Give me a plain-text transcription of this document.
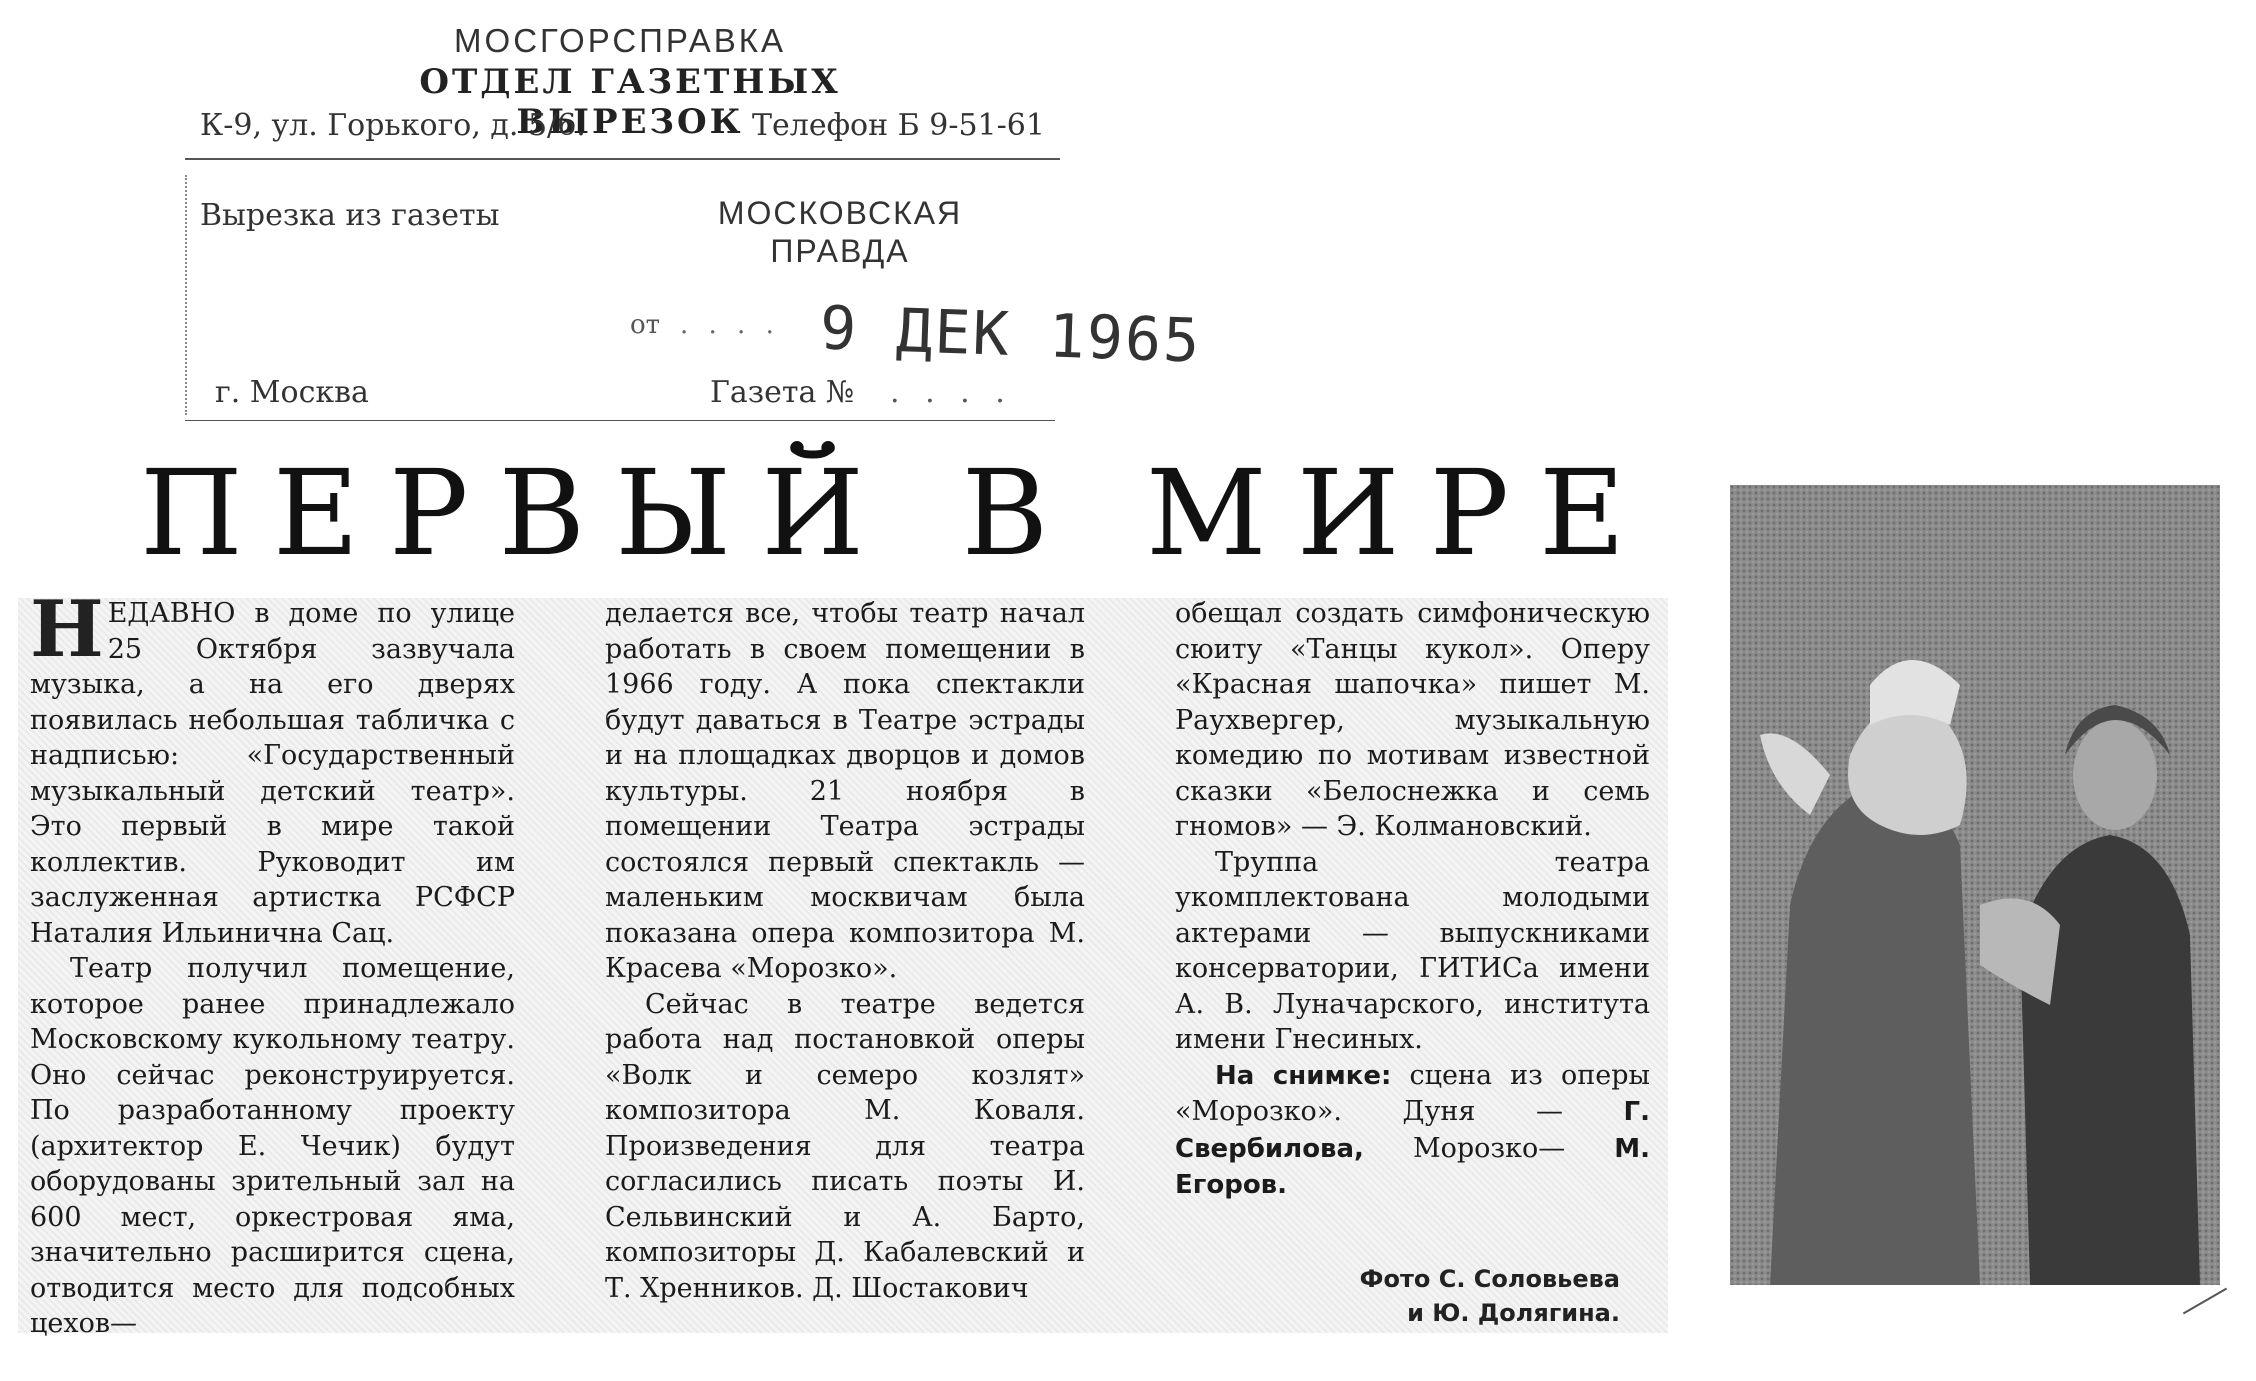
МОСГОРСПРАВКА
ОТДЕЛ ГАЗЕТНЫХ ВЫРЕЗОК
К-9, ул. Горького, д. 5/6.	Телефон Б 9-51-61
Вырезка из газеты	МОСКОВСКАЯ
ПРАВДА
от . . . . 9 ДЕК 1965
г. Москва	Газета № . . . .
ПЕРВЫЙ В МИРЕ

НЕДАВНО в доме по улице 25 Октября зазвучала музыка, а на его дверях появилась небольшая табличка с надписью: «Государственный музыкальный детский театр». Это первый в мире такой коллектив. Руководит им заслуженная артистка РСФСР Наталия Ильинична Сац.

Театр получил помещение, которое ранее принадлежало Московскому кукольному театру. Оно сейчас реконструируется. По разработанному проекту (архитектор Е. Чечик) будут оборудованы зрительный зал на 600 мест, оркестровая яма, значительно расширится сцена, отводится место для подсобных цехов—

делается все, чтобы театр начал работать в своем помещении в 1966 году. А пока спектакли будут даваться в Театре эстрады и на площадках дворцов и домов культуры. 21 ноября в помещении Театра эстрады состоялся первый спектакль — маленьким москвичам была показана опера композитора М. Красева «Морозко».

Сейчас в театре ведется работа над постановкой оперы «Волк и семеро козлят» композитора М. Коваля. Произведения для театра согласились писать поэты И. Сельвинский и А. Барто, композиторы Д. Кабалевский и Т. Хренников. Д. Шостакович

обещал создать симфоническую сюиту «Танцы кукол». Оперу «Красная шапочка» пишет М. Раухвергер, музыкальную комедию по мотивам известной сказки «Белоснежка и семь гномов» — Э. Колмановский.

Труппа театра укомплектована молодыми актерами — выпускниками консерватории, ГИТИСа имени А. В. Луначарского, института имени Гнесиных.

На снимке: сцена из оперы «Морозко». Дуня — Г. Свербилова, Морозко— М. Егоров.

Фото С. Соловьева
и Ю. Долягина.
